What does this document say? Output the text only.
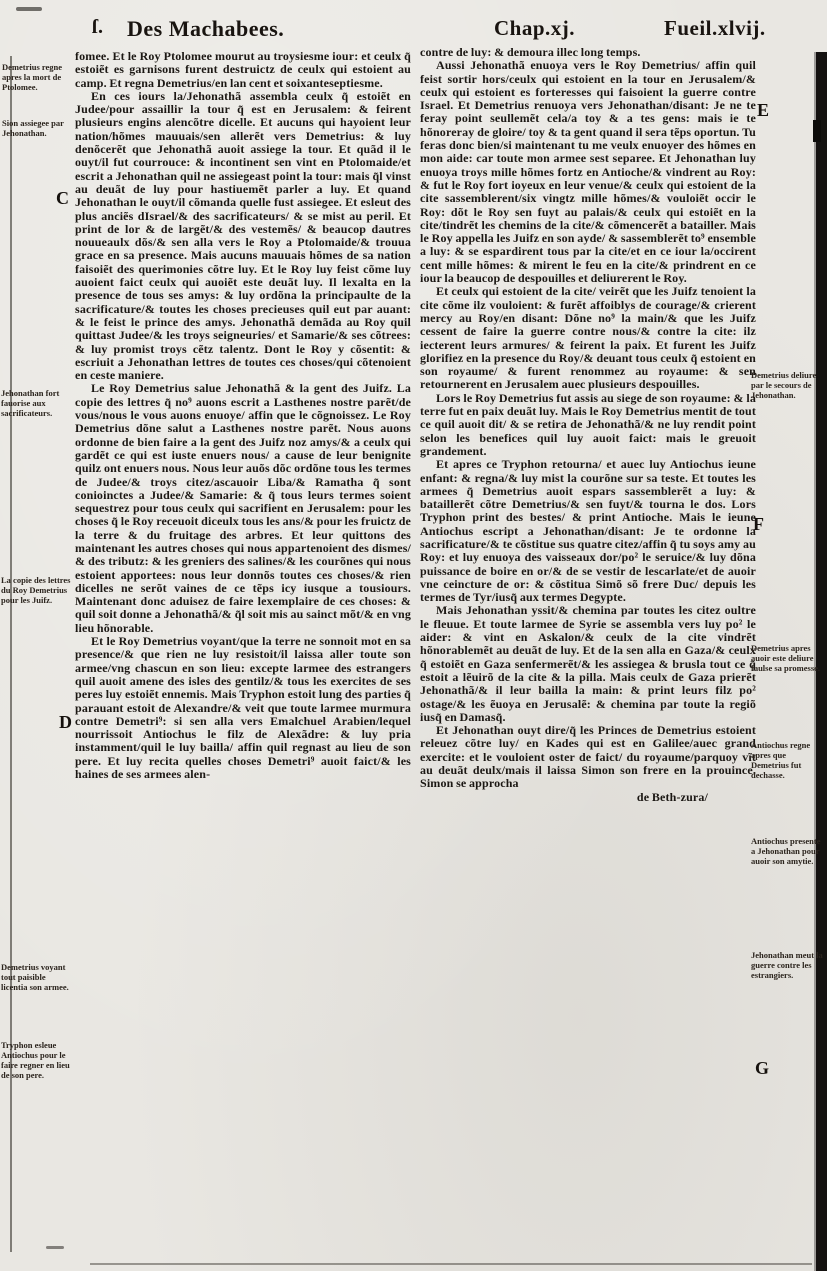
ſ. Des Machabees.	Chap.xj.	Fueil.xlvij.

fomee. Et le Roy Ptolomee mourut au troysiesme iour: et ceulx q̃ estoiẽt es garnisons furent destruictz de ceulx qui estoient au camp. Et regna Demetrius/en lan cent et soixanteseptiesme.

En ces iours la/Jehonathã assembla ceulx q̃ estoiẽt en Judee/pour assaillir la tour q̃ est en Jerusalem: & feirent plusieurs engins alencõtre dicelle. Et aucuns qui hayoient leur nation/hõmes mauuais/sen allerẽt vers Demetrius: & luy denõcerẽt que Jehonathã auoit assiege la tour. Et quãd il le ouyt/il fut courrouce: & incontinent sen vint en Ptolomaide/et escrit a Jehonathan quil ne assiegeast point la tour: mais q̃l vinst au deuãt de luy pour hastiuemẽt parler a luy. Et quand Jehonathan le ouyt/il cõmanda quelle fust assiegee. Et esleut des plus anciẽs dIsrael/& des sacrificateurs/ & se mist au peril. Et print de lor & de largẽt/& des vestemẽs/ & beaucop dautres nouueaulx dõs/& sen alla vers le Roy a Ptolomaide/& trouua grace en sa presence. Mais aucuns mauuais hõmes de sa nation faisoiẽt des querimonies cõtre luy. Et le Roy luy feist cõme luy auoient faict ceulx qui auoiẽt este deuãt luy. Il lexalta en la presence de tous ses amys: & luy ordõna la principaulte de la sacrificature/& toutes les choses precieuses quil eut par auant: & le feist le prince des amys. Jehonathã demãda au Roy quil quittast Judee/& les troys seigneuries/ et Samarie/& ses cõtrees: & luy promist troys cẽtz talentz. Dont le Roy y cõsentit: & escriuit a Jehonathan lettres de toutes ces choses/qui cõtenoient en ceste maniere.

Le Roy Demetrius salue Jehonathã & la gent des Juifz. La copie des lettres q̃ no⁹ auons escrit a Lasthenes nostre parẽt/de vous/nous le vous auons enuoye/ affin que le cõgnoissez. Le Roy Demetrius dõne salut a Lasthenes nostre parẽt. Nous auons ordonne de bien faire a la gent des Juifz noz amys/& a ceulx qui gardẽt ce qui est iuste enuers nous/ a cause de leur benignite quilz ont enuers nous. Nous leur auõs dõc ordõne tous les termes de Judee/& troys citez/ascauoir Liba/& Ramatha q̃ sont conioinctes a Judee/& Samarie: & q̃ tous leurs termes soient sequestrez pour tous ceulx qui sacrifient en Jerusalem: pour les choses q̃ le Roy receuoit diceulx tous les ans/& pour les fruictz de la terre & du fruitage des arbres. Et leur quittons des maintenant les autres choses qui nous appartenoient des dismes/ & des tributz: & les greniers des salines/& les courõnes qui nous estoient apportees: nous leur donnõs toutes ces choses/& rien dicelles ne serõt vaines de ce tẽps icy iusque a tousiours. Maintenant donc aduisez de faire lexemplaire de ces choses: & quil soit donne a Jehonathã/& q̃l soit mis au sainct mõt/& en vng lieu hõnorable.

Et le Roy Demetrius voyant/que la terre ne sonnoit mot en sa presence/& que rien ne luy resistoit/il laissa aller toute son armee/vng chascun en son lieu: excepte larmee des estrangers quil auoit amene des isles des gentilz/& tous les exercites de ses peres luy estoiẽt ennemis. Mais Tryphon estoit lung des parties q̃ parauant estoit de Alexandre/& veit que toute larmee murmura contre Demetri⁹: si sen alla vers Emalchuel Arabien/lequel nourrissoit Antiochus le filz de Alexãdre: & luy pria instamment/quil le luy bailla/ affin quil regnast au lieu de son pere. Et luy recita quelles choses Demetri⁹ auoit faict/& les haines de ses armees alen-

contre de luy: & demoura illec long temps.

Aussi Jehonathã enuoya vers le Roy Demetrius/ affin quil feist sortir hors/ceulx qui estoient en la tour en Jerusalem/& ceulx qui estoient es forteresses qui faisoient la guerre contre Israel. Et Demetrius renuoya vers Jehonathan/disant: Je ne te feray point seullemẽt cela/a toy & a tes gens: mais ie te hõnoreray de gloire/ toy & ta gent quand il sera tẽps oportun. Tu feras donc bien/si maintenant tu me veulx enuoyer des hõmes en mon aide: car toute mon armee sest separee. Et Jehonathan luy enuoya troys mille hõmes fortz en Antioche/& vindrent au Roy: & fut le Roy fort ioyeux en leur venue/& ceulx qui estoient de la cite sassemblerent/six vingtz mille hõmes/& vouloiẽt occir le Roy: dõt le Roy sen fuyt au palais/& ceulx qui estoiẽt en la cite/tindrẽt les chemins de la cite/& cõmencerẽt a batailler. Mais le Roy appella les Juifz en son ayde/ & sassemblerẽt to⁹ ensemble a luy: & se espardirent tous par la cite/et en ce iour la/occirent cent mille hõmes: & mirent le feu en la cite/& prindrent en ce iour la beaucop de despouilles et deliurerent le Roy.

Et ceulx qui estoient de la cite/ veirẽt que les Juifz tenoient la cite cõme ilz vouloient: & furẽt affoiblys de courage/& crierent mercy au Roy/en disant: Dõne no⁹ la main/& que les Juifz cessent de faire la guerre contre nous/& contre la cite: ilz iecterent leurs armures/ & feirent la paix. Et furent les Juifz glorifiez en la presence du Roy/& deuant tous ceulx q̃ estoient en son royaume/ & furent renommez au royaume: & sen retournerent en Jerusalem auec plusieurs despouilles.

Lors le Roy Demetrius fut assis au siege de son royaume: & la terre fut en paix deuãt luy. Mais le Roy Demetrius mentit de tout ce quil auoit dit/ & se retira de Jehonathã/& ne luy rendit point selon les benefices quil luy auoit faict: mais le greuoit grandement.

Et apres ce Tryphon retourna/ et auec luy Antiochus ieune enfant: & regna/& luy mist la courõne sur sa teste. Et toutes les armees q̃ Demetrius auoit espars sassemblerẽt a luy: & bataillerẽt cõtre Demetrius/& sen fuyt/& tourna le dos. Lors Tryphon print des bestes/ & print Antioche. Mais le ieune Antiochus escript a Jehonathan/disant: Je te ordonne la sacrificature/& te cõstitue sus quatre citez/affin q̃ tu soys amy au Roy: et luy enuoya des vaisseaux dor/po² le seruice/& luy dõna puissance de boire en or/& de se vestir de lescarlate/et de auoir vne ceincture de or: & cõstitua Simõ sõ frere Duc/ depuis les termes de Tyr/iusq̃ aux termes Degypte.

Mais Jehonathan yssit/& chemina par toutes les citez oultre le fleuue. Et toute larmee de Syrie se assembla vers luy po² le aider: & vint en Askalon/& ceulx de la cite vindrẽt hõnorablemẽt au deuãt de luy. Et de la sen alla en Gaza/& ceulx q̃ estoiẽt en Gaza senfermerẽt/& les assiegea & brusla tout ce q̃ estoit a lẽuirõ de la cite & la pilla. Mais ceulx de Gaza prierẽt Jehonathã/& il leur bailla la main: & print leurs filz po² ostage/& les ẽuoya en Jerusalẽ: & chemina par toute la regiõ iusq̃ en Damasq̃.

Et Jehonathan ouyt dire/q̃ les Princes de Demetrius estoient releuez cõtre luy/ en Kades qui est en Galilee/auec grand exercite: et le vouloient oster de faict/ du royaume/parquoy vĩt au deuãt deulx/mais il laissa Simon son frere en la prouince. Simon se approcha

de Beth-zura/
Demetrius regne apres la mort de Ptolomee.
Sion assiegee par Jehonathan.
Jehonathan fort fauorise aux sacrificateurs.
La copie des lettres du Roy Demetrius pour les Juifz.
Demetrius voyant tout paisible licentia son armee.
Tryphon esleue Antiochus pour le faire regner en lieu de son pere.
Demetrius deliure par le secours de Jehonathan.
Demetrius apres auoir este deliure faulse sa promesse.
Antiochus regne apres que Demetrius fut dechasse.
Antiochus presente a Jehonathan pour auoir son amytie.
Jehonathan meut la guerre contre les estrangiers.
C
D
E
F
G
